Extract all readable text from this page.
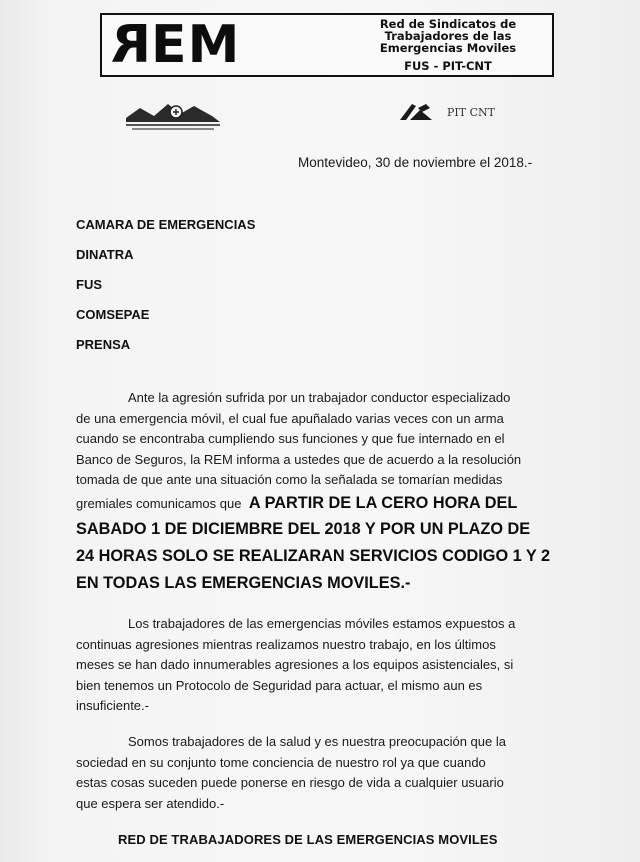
REM	Red de Sindicatos de
Trabajadores de las
Emergencias Moviles
FUS - PIT-CNT
PIT CNT
Montevideo, 30 de noviembre el 2018.-
CAMARA DE EMERGENCIAS
DINATRA
FUS
COMSEPAE
PRENSA
Ante la agresión sufrida por un trabajador conductor especializado
de una emergencia móvil, el cual fue apuñalado varias veces con un arma
cuando se encontraba cumpliendo sus funciones y que fue internado en el
Banco de Seguros, la REM informa a ustedes que de acuerdo a la resolución
tomada de que ante una situación como la señalada se tomarían medidas
gremiales comunicamos que A PARTIR DE LA CERO HORA DEL
SABADO 1 DE DICIEMBRE DEL 2018 Y POR UN PLAZO DE
24 HORAS SOLO SE REALIZARAN SERVICIOS CODIGO 1 Y 2
EN TODAS LAS EMERGENCIAS MOVILES.-
Los trabajadores de las emergencias móviles estamos expuestos a
continuas agresiones mientras realizamos nuestro trabajo, en los últimos
meses se han dado innumerables agresiones a los equipos asistenciales, si
bien tenemos un Protocolo de Seguridad para actuar, el mismo aun es
insuficiente.-
Somos trabajadores de la salud y es nuestra preocupación que la
sociedad en su conjunto tome conciencia de nuestro rol ya que cuando
estas cosas suceden puede ponerse en riesgo de vida a cualquier usuario
que espera ser atendido.-
RED DE TRABAJADORES DE LAS EMERGENCIAS MOVILES
